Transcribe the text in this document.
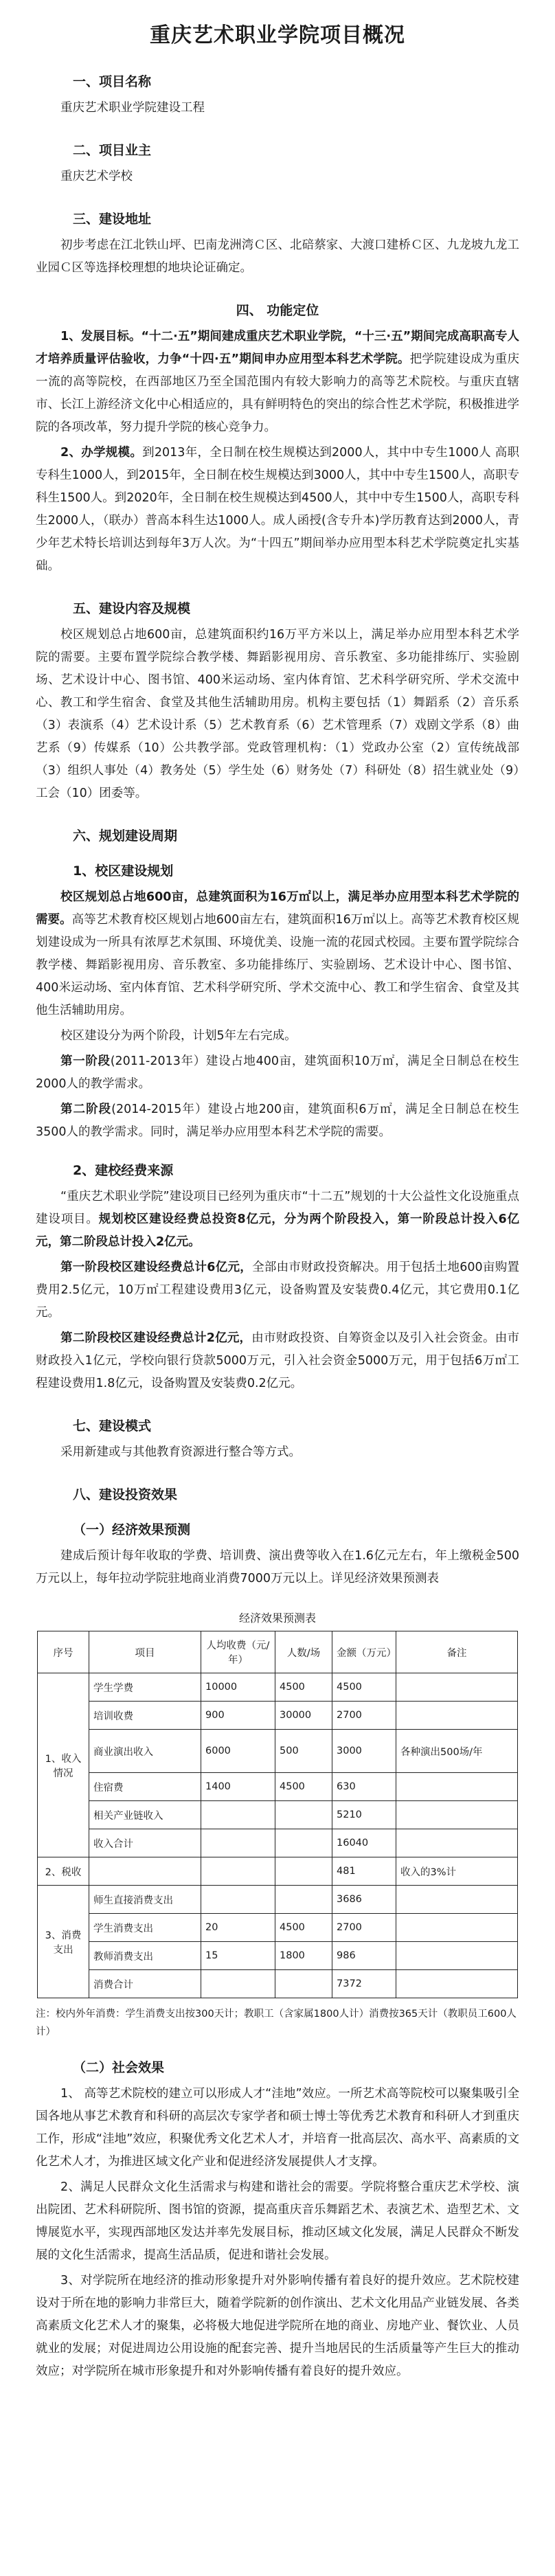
重庆艺术职业学院项目概况
一、项目名称
重庆艺术职业学院建设工程
二、项目业主
重庆艺术学校
三、建设地址
初步考虑在江北铁山坪、巴南龙洲湾Ｃ区、北碚蔡家、大渡口建桥Ｃ区、九龙坡九龙工业园Ｃ区等选择校理想的地块论证确定。
四、 功能定位
1、发展目标。“十二·五”期间建成重庆艺术职业学院，“十三·五”期间完成高职高专人才培养质量评估验收，力争“十四·五”期间申办应用型本科艺术学院。把学院建设成为重庆一流的高等院校，在西部地区乃至全国范围内有较大影响力的高等艺术院校。与重庆直辖市、长江上游经济文化中心相适应的，具有鲜明特色的突出的综合性艺术学院，积极推进学院的各项改革，努力提升学院的核心竞争力。
2、办学规模。到2013年，全日制在校生规模达到2000人，其中中专生1000人 高职专科生1000人，到2015年，全日制在校生规模达到3000人，其中中专生1500人，高职专科生1500人。到2020年，全日制在校生规模达到4500人，其中中专生1500人，高职专科生2000人，（联办）普高本科生达1000人。成人函授(含专升本)学历教育达到2000人，青少年艺术特长培训达到每年3万人次。为“十四五”期间举办应用型本科艺术学院奠定扎实基础。
五、建设内容及规模
校区规划总占地600亩，总建筑面积约16万平方米以上，满足举办应用型本科艺术学院的需要。主要布置学院综合教学楼、舞蹈影视用房、音乐教室、多功能排练厅、实验剧场、艺术设计中心、图书馆、400米运动场、室内体育馆、艺术科学研究所、学术交流中心、教工和学生宿舍、食堂及其他生活辅助用房。机构主要包括（1）舞蹈系（2）音乐系（3）表演系（4）艺术设计系（5）艺术教育系（6）艺术管理系（7）戏剧文学系（8）曲艺系（9）传媒系（10）公共教学部。党政管理机构：（1）党政办公室（2）宣传统战部（3）组织人事处（4）教务处（5）学生处（6）财务处（7）科研处（8）招生就业处（9）工会（10）团委等。
六、规划建设周期
1、校区建设规划
校区规划总占地600亩，总建筑面积为16万㎡以上，满足举办应用型本科艺术学院的需要。高等艺术教育校区规划占地600亩左右，建筑面积16万㎡以上。高等艺术教育校区规划建设成为一所具有浓厚艺术氛围、环境优美、设施一流的花园式校园。主要布置学院综合教学楼、舞蹈影视用房、音乐教室、多功能排练厅、实验剧场、艺术设计中心、图书馆、400米运动场、室内体育馆、艺术科学研究所、学术交流中心、教工和学生宿舍、食堂及其他生活辅助用房。
校区建设分为两个阶段，计划5年左右完成。
第一阶段(2011-2013年）建设占地400亩，建筑面积10万㎡，满足全日制总在校生2000人的教学需求。
第二阶段(2014-2015年）建设占地200亩，建筑面积6万㎡，满足全日制总在校生3500人的教学需求。同时，满足举办应用型本科艺术学院的需要。
2、建校经费来源
“重庆艺术职业学院”建设项目已经列为重庆市“十二五”规划的十大公益性文化设施重点建设项目。规划校区建设经费总投资8亿元，分为两个阶段投入，第一阶段总计投入6亿元，第二阶段总计投入2亿元。
第一阶段校区建设经费总计6亿元，全部由市财政投资解决。用于包括土地600亩购置费用2.5亿元，10万㎡工程建设费用3亿元，设备购置及安装费0.4亿元，其它费用0.1亿元。
第二阶段校区建设经费总计2亿元，由市财政投资、自筹资金以及引入社会资金。由市财政投入1亿元，学校向银行贷款5000万元，引入社会资金5000万元，用于包括6万㎡工程建设费用1.8亿元，设备购置及安装费0.2亿元。
七、建设模式
采用新建或与其他教育资源进行整合等方式。
八、建设投资效果
（一）经济效果预测
建成后预计每年收取的学费、培训费、演出费等收入在1.6亿元左右，年上缴税金500万元以上，每年拉动学院驻地商业消费7000万元以上。详见经济效果预测表
经济效果预测表
序号	项目	人均收费（元/年）	人数/场	金额（万元）	备注
1、收入情况	学生学费	10000	4500	4500	
	培训收费	900	30000	2700	
	商业演出收入	6000	500	3000	各种演出500场/年
	住宿费	1400	4500	630	
	相关产业链收入			5210	
	收入合计			16040	
2、税收				481	收入的3%计
3、消费支出	师生直接消费支出			3686	
	学生消费支出	20	4500	2700	
	教师消费支出	15	1800	986	
	消费合计			7372	
注：校内外年消费：学生消费支出按300天计；教职工（含家属1800人计）消费按365天计（教职员工600人计）
（二）社会效果
1、 高等艺术院校的建立可以形成人才“洼地”效应。一所艺术高等院校可以聚集吸引全国各地从事艺术教育和科研的高层次专家学者和硕士博士等优秀艺术教育和科研人才到重庆工作，形成“洼地”效应，积聚优秀文化艺术人才，并培育一批高层次、高水平、高素质的文化艺术人才，为推进区域文化产业和促进经济发展提供人才支撑。
2、满足人民群众文化生活需求与构建和谐社会的需要。学院将整合重庆艺术学校、演出院团、艺术科研院所、图书馆的资源，提高重庆音乐舞蹈艺术、表演艺术、造型艺术、文博展览水平，实现西部地区发达并率先发展目标，推动区域文化发展，满足人民群众不断发展的文化生活需求，提高生活品质，促进和谐社会发展。
3、对学院所在地经济的推动形象提升对外影响传播有着良好的提升效应。艺术院校建设对于所在地的影响力非常巨大，随着学院新的创作演出、艺术文化用品产业链发展、各类高素质文化艺术人才的聚集，必将极大地促进学院所在地的商业、房地产业、餐饮业、人员就业的发展；对促进周边公用设施的配套完善、提升当地居民的生活质量等产生巨大的推动效应；对学院所在城市形象提升和对外影响传播有着良好的提升效应。
